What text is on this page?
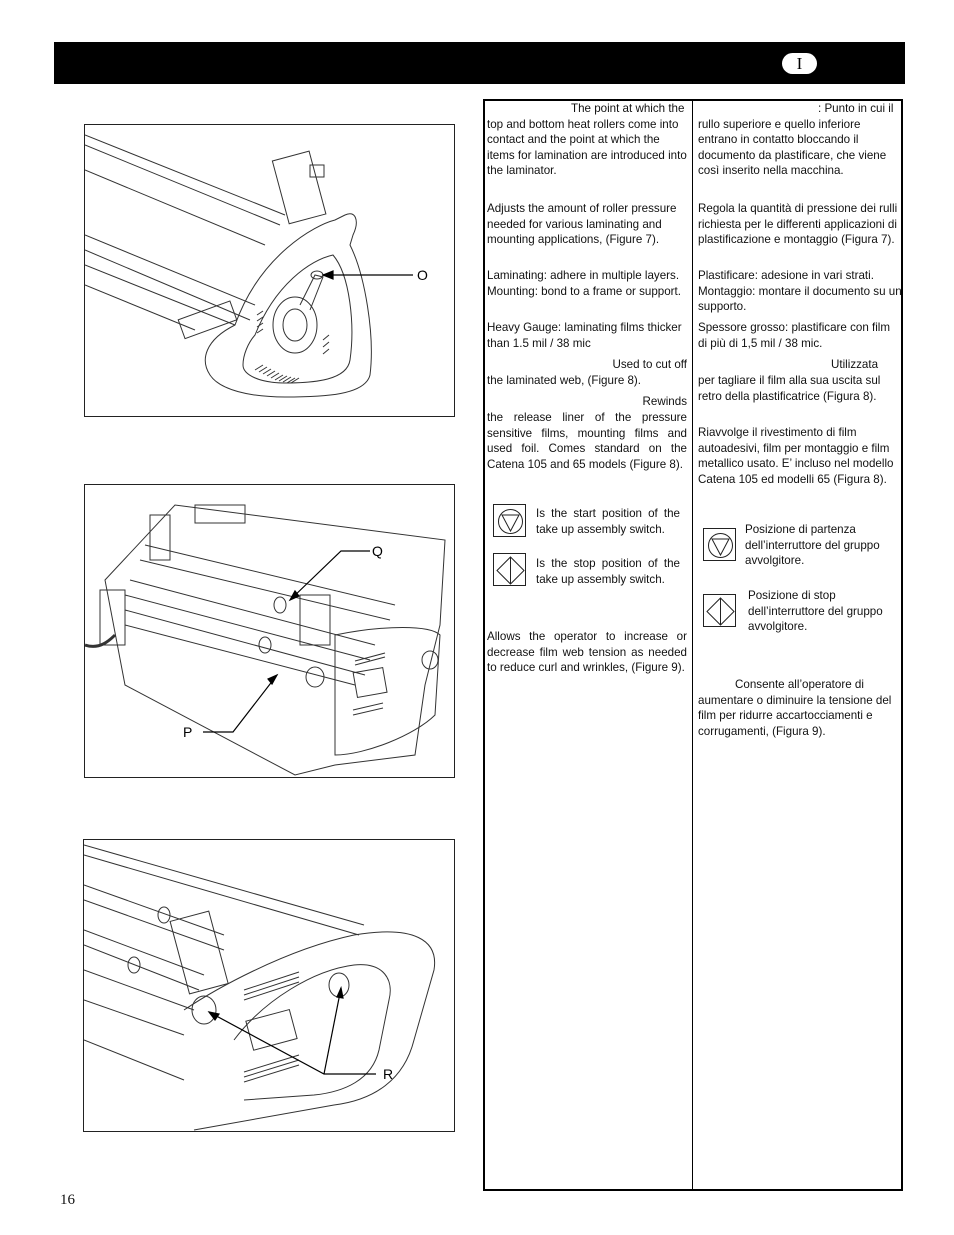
I
O
Q
P
R
16
The point at which the top and bottom heat rollers come into contact and the point at which the items for lamination are introduced into the laminator.
Adjusts the amount of roller pressure needed for various laminating and mounting applications, (Figure 7).
Laminating: adhere in multiple layers. Mounting: bond to a frame or support.
Heavy Gauge: laminating films thicker than 1.5 mil / 38 mic
Used to cut off
the laminated web, (Figure 8).
Rewinds
the release liner of the pressure sensitive films, mounting films and used foil. Comes standard on the Catena 105 and 65 models (Figure 8).
Is the start position of the take up assembly switch.
Is the stop position of the take up assembly switch.
Allows the operator to increase or decrease film web tension as needed to reduce curl and wrinkles, (Figure 9).
: Punto in cui il rullo superiore e quello inferiore entrano in contatto bloccando il documento da plastificare, che viene così inserito nella macchina.
Regola la quantità di pressione dei rulli richiesta per le differenti applicazioni di plastificazione e montaggio (Figura 7).
Plastificare: adesione in vari strati. Montaggio: montare il documento su un supporto.
Spessore grosso: plastificare con film di più di 1,5 mil / 38 mic.
Utilizzata
per tagliare il film alla sua uscita sul retro della plastificatrice (Figura 8).
Riavvolge il rivestimento di film autoadesivi, film per montaggio e film metallico usato. E’ incluso nel modello Catena 105 ed modelli 65 (Figura 8).
Posizione di partenza dell’interruttore del gruppo avvolgitore.
Posizione di stop dell’interruttore del gruppo avvolgitore.
Consente all’operatore di aumentare o diminuire la tensione del film per ridurre accartocciamenti e corrugamenti, (Figura 9).
